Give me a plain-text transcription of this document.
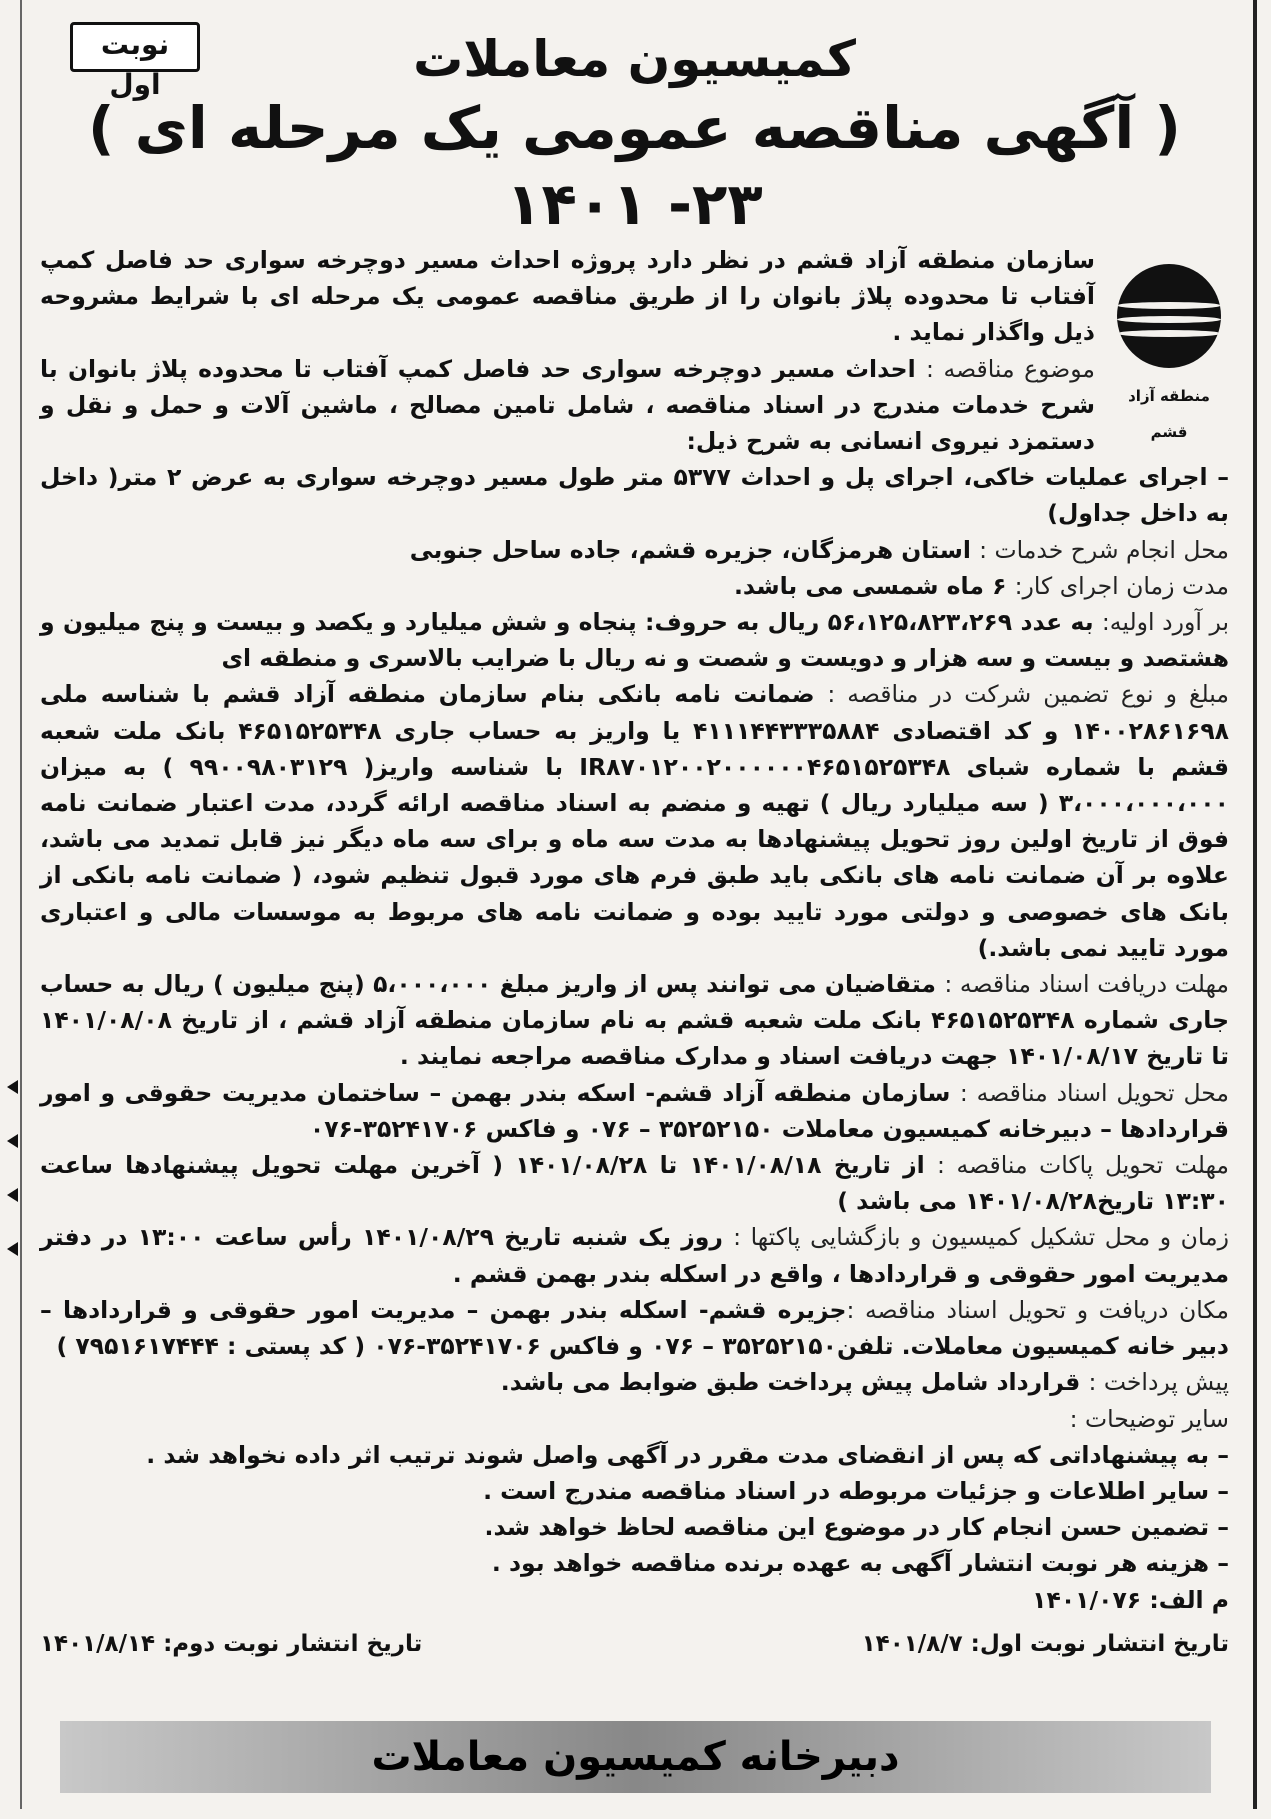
نوبت اول	کمیسیون معاملات
( آگهی مناقصه عمومی یک مرحله ای ) ۲۳- ۱۴۰۱
منطقه آزاد قشم

سازمان منطقه آزاد قشم در نظر دارد پروژه احداث مسیر دوچرخه سواری حد فاصل کمپ آفتاب تا محدوده پلاژ بانوان را از طریق مناقصه عمومی یک مرحله ای با شرایط مشروحه ذیل واگذار نماید .

موضوع مناقصه : احداث مسیر دوچرخه سواری حد فاصل کمپ آفتاب تا محدوده پلاژ بانوان با شرح خدمات مندرج در اسناد مناقصه ، شامل تامین مصالح ، ماشین آلات و حمل و نقل و دستمزد نیروی انسانی به شرح ذیل:

– اجرای عملیات خاکی، اجرای پل و احداث ۵۳۷۷ متر طول مسیر دوچرخه سواری به عرض ۲ متر( داخل به داخل جداول)

محل انجام شرح خدمات : استان هرمزگان، جزیره قشم، جاده ساحل جنوبی

مدت زمان اجرای کار: ۶ ماه شمسی می باشد.

بر آورد اولیه: به عدد ۵۶،۱۲۵،۸۲۳،۲۶۹ ریال به حروف: پنجاه و شش میلیارد و یکصد و بیست و پنج میلیون و هشتصد و بیست و سه هزار و دویست و شصت و نه ریال با ضرایب بالاسری و منطقه ای

مبلغ و نوع تضمین شرکت در مناقصه : ضمانت نامه بانکی بنام سازمان منطقه آزاد قشم با شناسه ملی ۱۴۰۰۲۸۶۱۶۹۸ و کد اقتصادی ۴۱۱۱۴۴۳۳۳۵۸۸۴ یا واریز به حساب جاری ۴۶۵۱۵۲۵۳۴۸ بانک ملت شعبه قشم با شماره شبای IR۸۷۰۱۲۰۰۲۰۰۰۰۰۰۴۶۵۱۵۲۵۳۴۸ با شناسه واریز( ۹۹۰۰۹۸۰۳۱۲۹ ) به میزان ۳،۰۰۰،۰۰۰،۰۰۰ ( سه میلیارد ریال ) تهیه و منضم به اسناد مناقصه ارائه گردد، مدت اعتبار ضمانت نامه فوق از تاریخ اولین روز تحویل پیشنهادها به مدت سه ماه و برای سه ماه دیگر نیز قابل تمدید می باشد، علاوه بر آن ضمانت نامه های بانکی باید طبق فرم های مورد قبول تنظیم شود، ( ضمانت نامه بانکی از بانک های خصوصی و دولتی مورد تایید بوده و ضمانت نامه های مربوط به موسسات مالی و اعتباری مورد تایید نمی باشد.)

مهلت دریافت اسناد مناقصه : متقاضیان می توانند پس از واریز مبلغ ۵،۰۰۰،۰۰۰ (پنج میلیون ) ریال به حساب جاری شماره ۴۶۵۱۵۲۵۳۴۸ بانک ملت شعبه قشم به نام سازمان منطقه آزاد قشم ، از تاریخ ۱۴۰۱/۰۸/۰۸ تا تاریخ ۱۴۰۱/۰۸/۱۷ جهت دریافت اسناد و مدارک مناقصه مراجعه نمایند .

محل تحویل اسناد مناقصه : سازمان منطقه آزاد قشم- اسکه بندر بهمن – ساختمان مدیریت حقوقی و امور قراردادها – دبیرخانه کمیسیون معاملات ۳۵۲۵۲۱۵۰ – ۰۷۶ و فاکس ۳۵۲۴۱۷۰۶-۰۷۶

مهلت تحویل پاکات مناقصه : از تاریخ ۱۴۰۱/۰۸/۱۸ تا ۱۴۰۱/۰۸/۲۸ ( آخرین مهلت تحویل پیشنهادها ساعت ۱۳:۳۰ تاریخ۱۴۰۱/۰۸/۲۸ می باشد )

زمان و محل تشکیل کمیسیون و بازگشایی پاکتها : روز یک شنبه تاریخ ۱۴۰۱/۰۸/۲۹ رأس ساعت ۱۳:۰۰ در دفتر مدیریت امور حقوقی و قراردادها ، واقع در اسکله بندر بهمن قشم .

مکان دریافت و تحویل اسناد مناقصه :جزیره قشم- اسکله بندر بهمن – مدیریت امور حقوقی و قراردادها – دبیر خانه کمیسیون معاملات. تلفن۳۵۲۵۲۱۵۰ – ۰۷۶ و فاکس ۳۵۲۴۱۷۰۶-۰۷۶ ( کد پستی : ۷۹۵۱۶۱۷۴۴۴ )

پیش پرداخت : قرارداد شامل پیش پرداخت طبق ضوابط می باشد.

سایر توضیحات :

– به پیشنهاداتی که پس از انقضای مدت مقرر در آگهی واصل شوند ترتیب اثر داده نخواهد شد .
– سایر اطلاعات و جزئیات مربوطه در اسناد مناقصه مندرج است .
– تضمین حسن انجام کار در موضوع این مناقصه لحاظ خواهد شد.
– هزینه هر نوبت انتشار آگهی به عهده برنده مناقصه خواهد بود .
م الف: ۱۴۰۱/۰۷۶
تاریخ انتشار نوبت اول: ۱۴۰۱/۸/۷
تاریخ انتشار نوبت دوم: ۱۴۰۱/۸/۱۴
دبیرخانه کمیسیون معاملات
